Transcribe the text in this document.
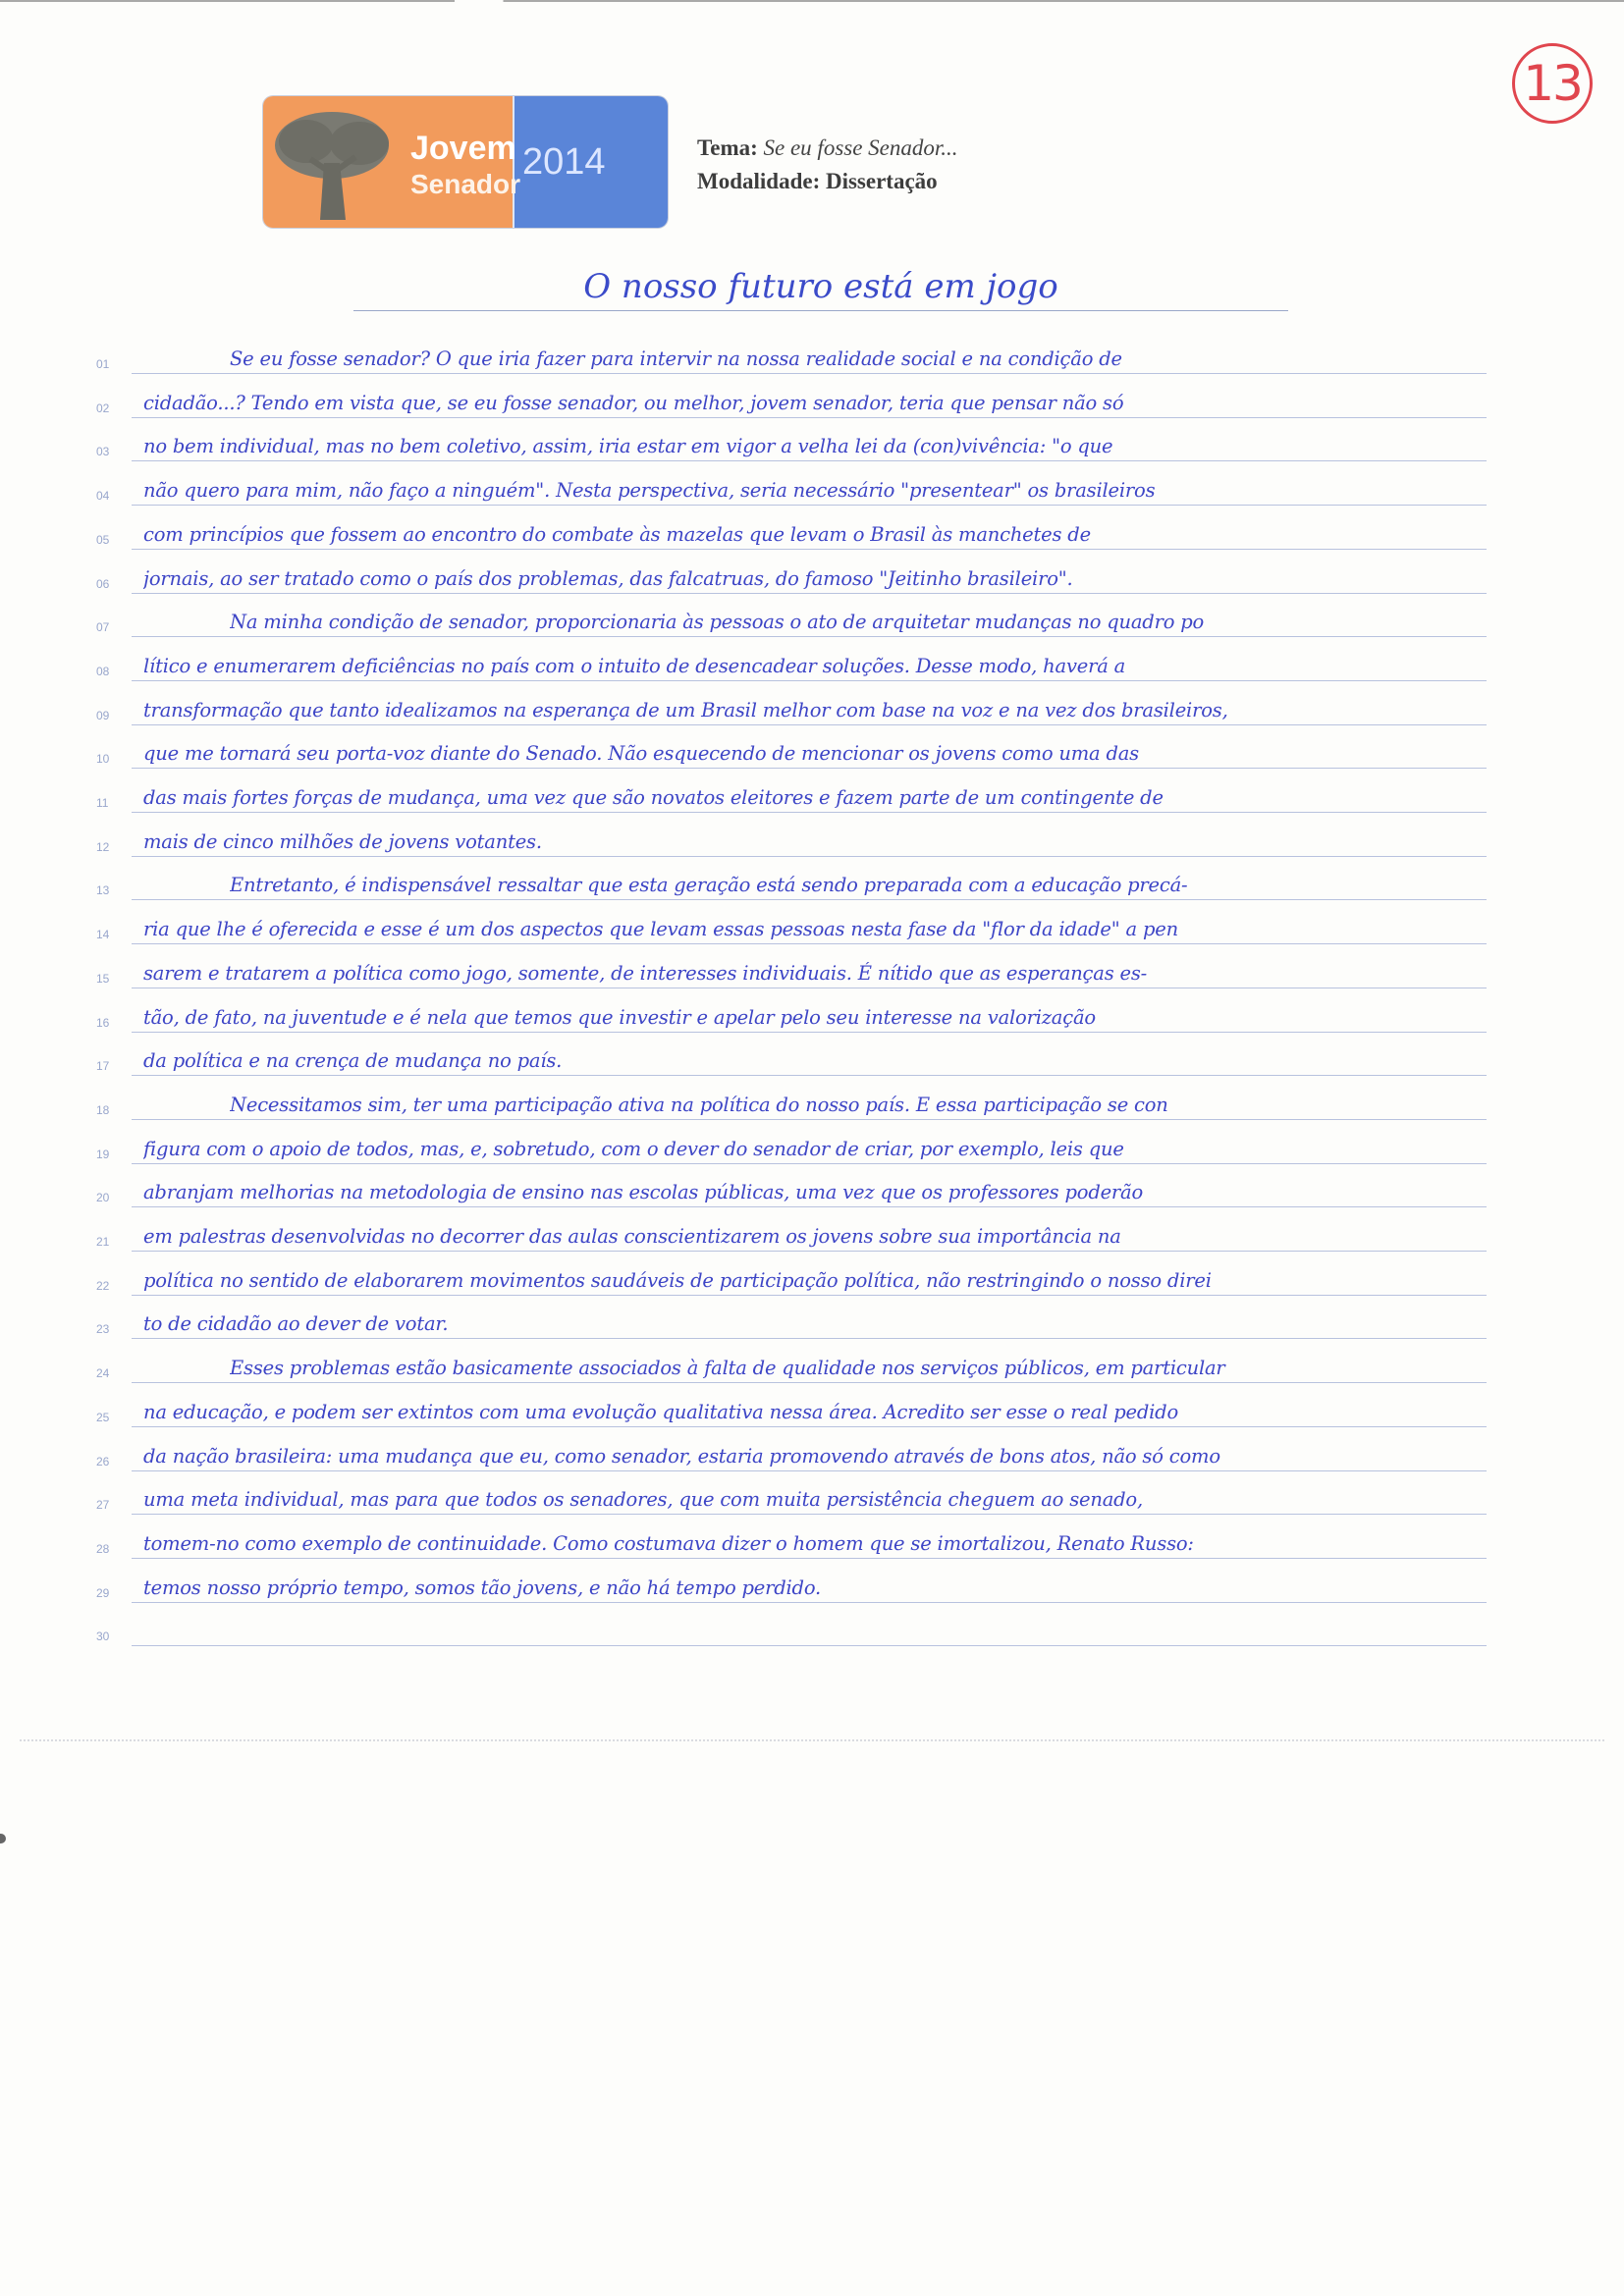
13
Jovem
Senador
2014	Tema: Se eu fosse Senador...
Modalidade: Dissertação
O nosso futuro está em jogo
01	Se eu fosse senador? O que iria fazer para intervir na nossa realidade social e na condição de
02	cidadão...? Tendo em vista que, se eu fosse senador, ou melhor, jovem senador, teria que pensar não só
03	no bem individual, mas no bem coletivo, assim, iria estar em vigor a velha lei da (con)vivência: "o que
04	não quero para mim, não faço a ninguém". Nesta perspectiva, seria necessário "presentear" os brasileiros
05	com princípios que fossem ao encontro do combate às mazelas que levam o Brasil às manchetes de
06	jornais, ao ser tratado como o país dos problemas, das falcatruas, do famoso "Jeitinho brasileiro".
07	Na minha condição de senador, proporcionaria às pessoas o ato de arquitetar mudanças no quadro po
08	lítico e enumerarem deficiências no país com o intuito de desencadear soluções. Desse modo, haverá a
09	transformação que tanto idealizamos na esperança de um Brasil melhor com base na voz e na vez dos brasileiros,
10	que me tornará seu porta-voz diante do Senado. Não esquecendo de mencionar os jovens como uma das
11	das mais fortes forças de mudança, uma vez que são novatos eleitores e fazem parte de um contingente de
12	mais de cinco milhões de jovens votantes.
13	Entretanto, é indispensável ressaltar que esta geração está sendo preparada com a educação precá-
14	ria que lhe é oferecida e esse é um dos aspectos que levam essas pessoas nesta fase da "flor da idade" a pen
15	sarem e tratarem a política como jogo, somente, de interesses individuais. É nítido que as esperanças es-
16	tão, de fato, na juventude e é nela que temos que investir e apelar pelo seu interesse na valorização
17	da política e na crença de mudança no país.
18	Necessitamos sim, ter uma participação ativa na política do nosso país. E essa participação se con
19	figura com o apoio de todos, mas, e, sobretudo, com o dever do senador de criar, por exemplo, leis que
20	abranjam melhorias na metodologia de ensino nas escolas públicas, uma vez que os professores poderão
21	em palestras desenvolvidas no decorrer das aulas conscientizarem os jovens sobre sua importância na
22	política no sentido de elaborarem movimentos saudáveis de participação política, não restringindo o nosso direi
23	to de cidadão ao dever de votar.
24	Esses problemas estão basicamente associados à falta de qualidade nos serviços públicos, em particular
25	na educação, e podem ser extintos com uma evolução qualitativa nessa área. Acredito ser esse o real pedido
26	da nação brasileira: uma mudança que eu, como senador, estaria promovendo através de bons atos, não só como
27	uma meta individual, mas para que todos os senadores, que com muita persistência cheguem ao senado,
28	tomem-no como exemplo de continuidade. Como costumava dizer o homem que se imortalizou, Renato Russo:
29	temos nosso próprio tempo, somos tão jovens, e não há tempo perdido.
30
